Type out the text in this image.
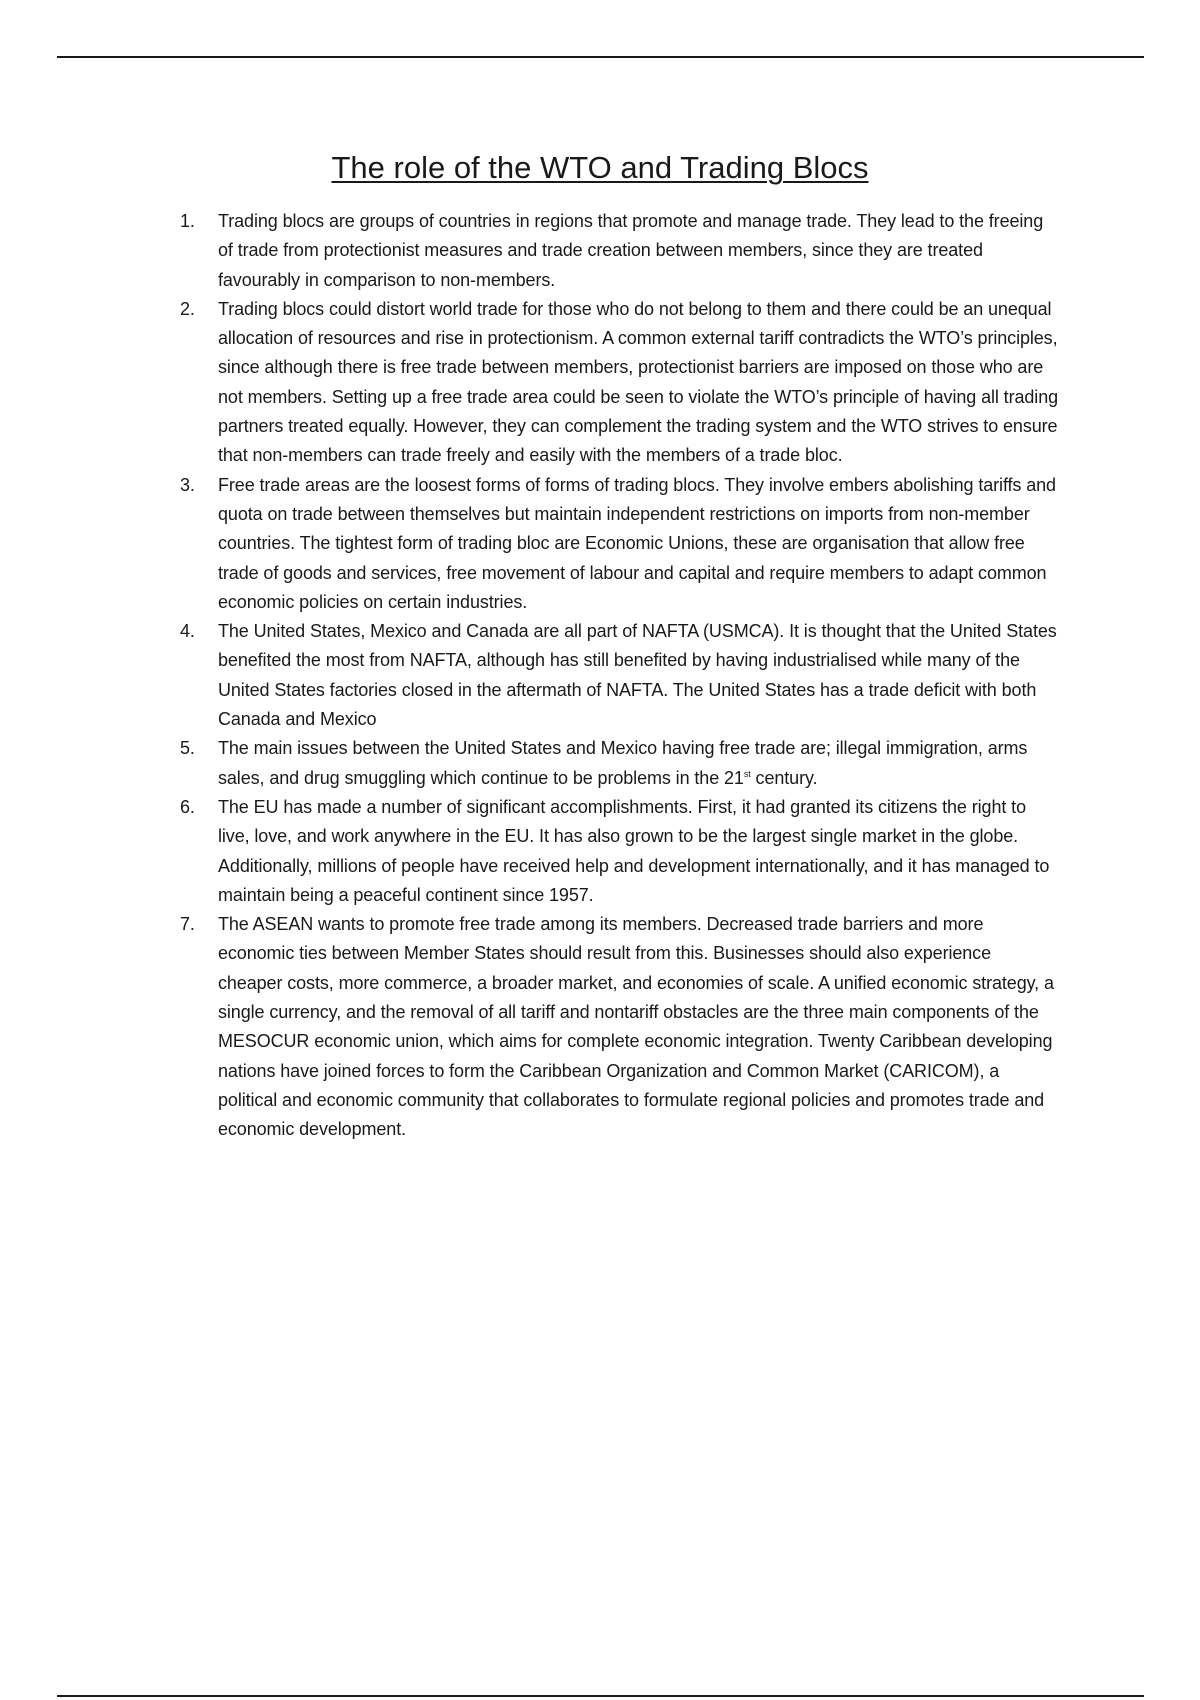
The role of the WTO and Trading Blocs
1.	Trading blocs are groups of countries in regions that promote and manage trade. They lead to the freeing of trade from protectionist measures and trade creation between members, since they are treated favourably in comparison to non-members.
2.	Trading blocs could distort world trade for those who do not belong to them and there could be an unequal allocation of resources and rise in protectionism. A common external tariff contradicts the WTO’s principles, since although there is free trade between members, protectionist barriers are imposed on those who are not members. Setting up a free trade area could be seen to violate the WTO’s principle of having all trading partners treated equally. However, they can complement the trading system and the WTO strives to ensure that non-members can trade freely and easily with the members of a trade bloc.
3.	Free trade areas are the loosest forms of forms of trading blocs. They involve embers abolishing tariffs and quota on trade between themselves but maintain independent restrictions on imports from non-member countries. The tightest form of trading bloc are Economic Unions, these are organisation that allow free trade of goods and services, free movement of labour and capital and require members to adapt common economic policies on certain industries.
4.	The United States, Mexico and Canada are all part of NAFTA (USMCA). It is thought that the United States benefited the most from NAFTA, although has still benefited by having industrialised while many of the United States factories closed in the aftermath of NAFTA. The United States has a trade deficit with both Canada and Mexico
5.	The main issues between the United States and Mexico having free trade are; illegal immigration, arms sales, and drug smuggling which continue to be problems in the 21st century.
6.	The EU has made a number of significant accomplishments. First, it had granted its citizens the right to live, love, and work anywhere in the EU. It has also grown to be the largest single market in the globe. Additionally, millions of people have received help and development internationally, and it has managed to maintain being a peaceful continent since 1957.
7.	The ASEAN wants to promote free trade among its members. Decreased trade barriers and more economic ties between Member States should result from this. Businesses should also experience cheaper costs, more commerce, a broader market, and economies of scale. A unified economic strategy, a single currency, and the removal of all tariff and nontariff obstacles are the three main components of the MESOCUR economic union, which aims for complete economic integration. Twenty Caribbean developing nations have joined forces to form the Caribbean Organization and Common Market (CARICOM), a political and economic community that collaborates to formulate regional policies and promotes trade and economic development.
